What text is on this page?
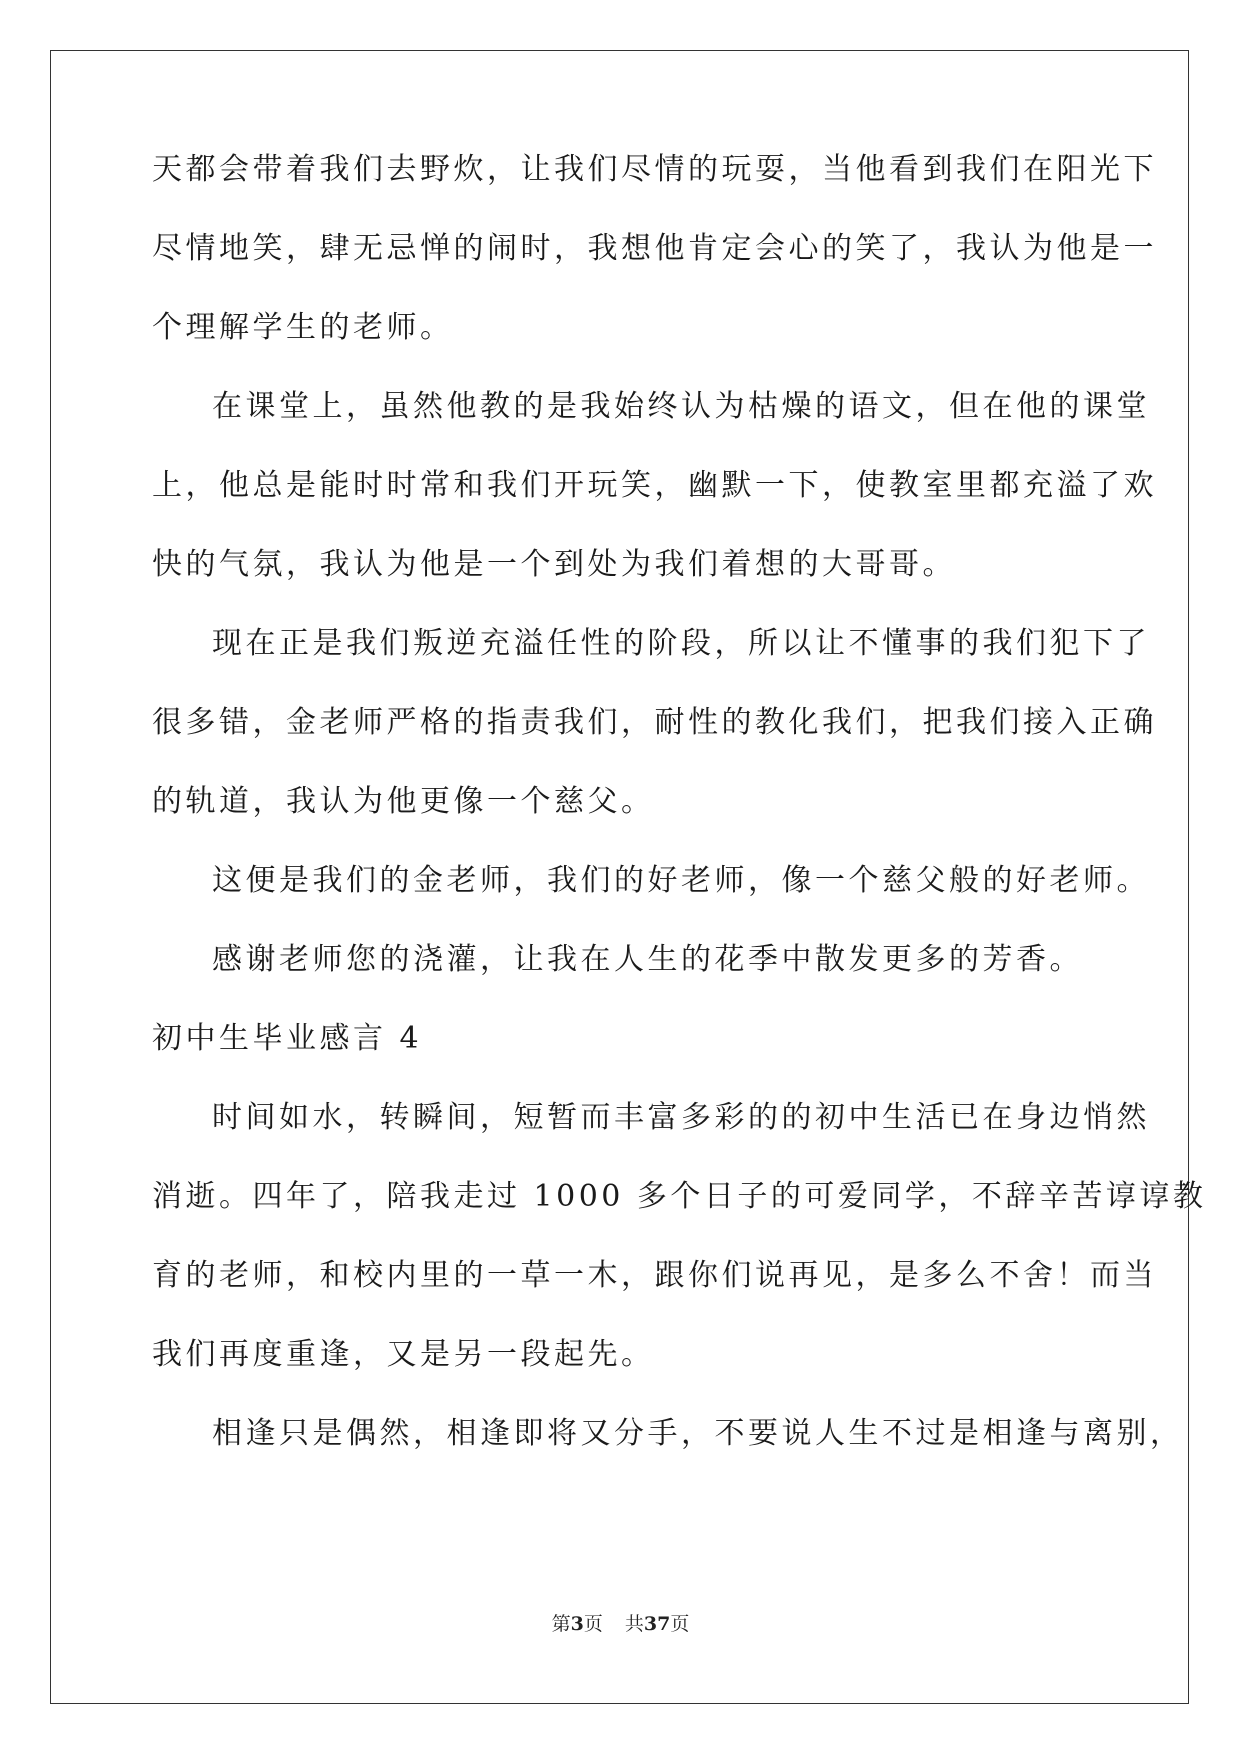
天都会带着我们去野炊，让我们尽情的玩耍，当他看到我们在阳光下
尽情地笑，肆无忌惮的闹时，我想他肯定会心的笑了，我认为他是一
个理解学生的老师。
在课堂上，虽然他教的是我始终认为枯燥的语文，但在他的课堂
上，他总是能时时常和我们开玩笑，幽默一下，使教室里都充溢了欢
快的气氛，我认为他是一个到处为我们着想的大哥哥。
现在正是我们叛逆充溢任性的阶段，所以让不懂事的我们犯下了
很多错，金老师严格的指责我们，耐性的教化我们，把我们接入正确
的轨道，我认为他更像一个慈父。
这便是我们的金老师，我们的好老师，像一个慈父般的好老师。
感谢老师您的浇灌，让我在人生的花季中散发更多的芳香。
初中生毕业感言 4
时间如水，转瞬间，短暂而丰富多彩的的初中生活已在身边悄然
消逝。四年了，陪我走过 1000 多个日子的可爱同学，不辞辛苦谆谆教
育的老师，和校内里的一草一木，跟你们说再见，是多么不舍！而当
我们再度重逢，又是另一段起先。
相逢只是偶然，相逢即将又分手，不要说人生不过是相逢与离别，
第3页 共37页
